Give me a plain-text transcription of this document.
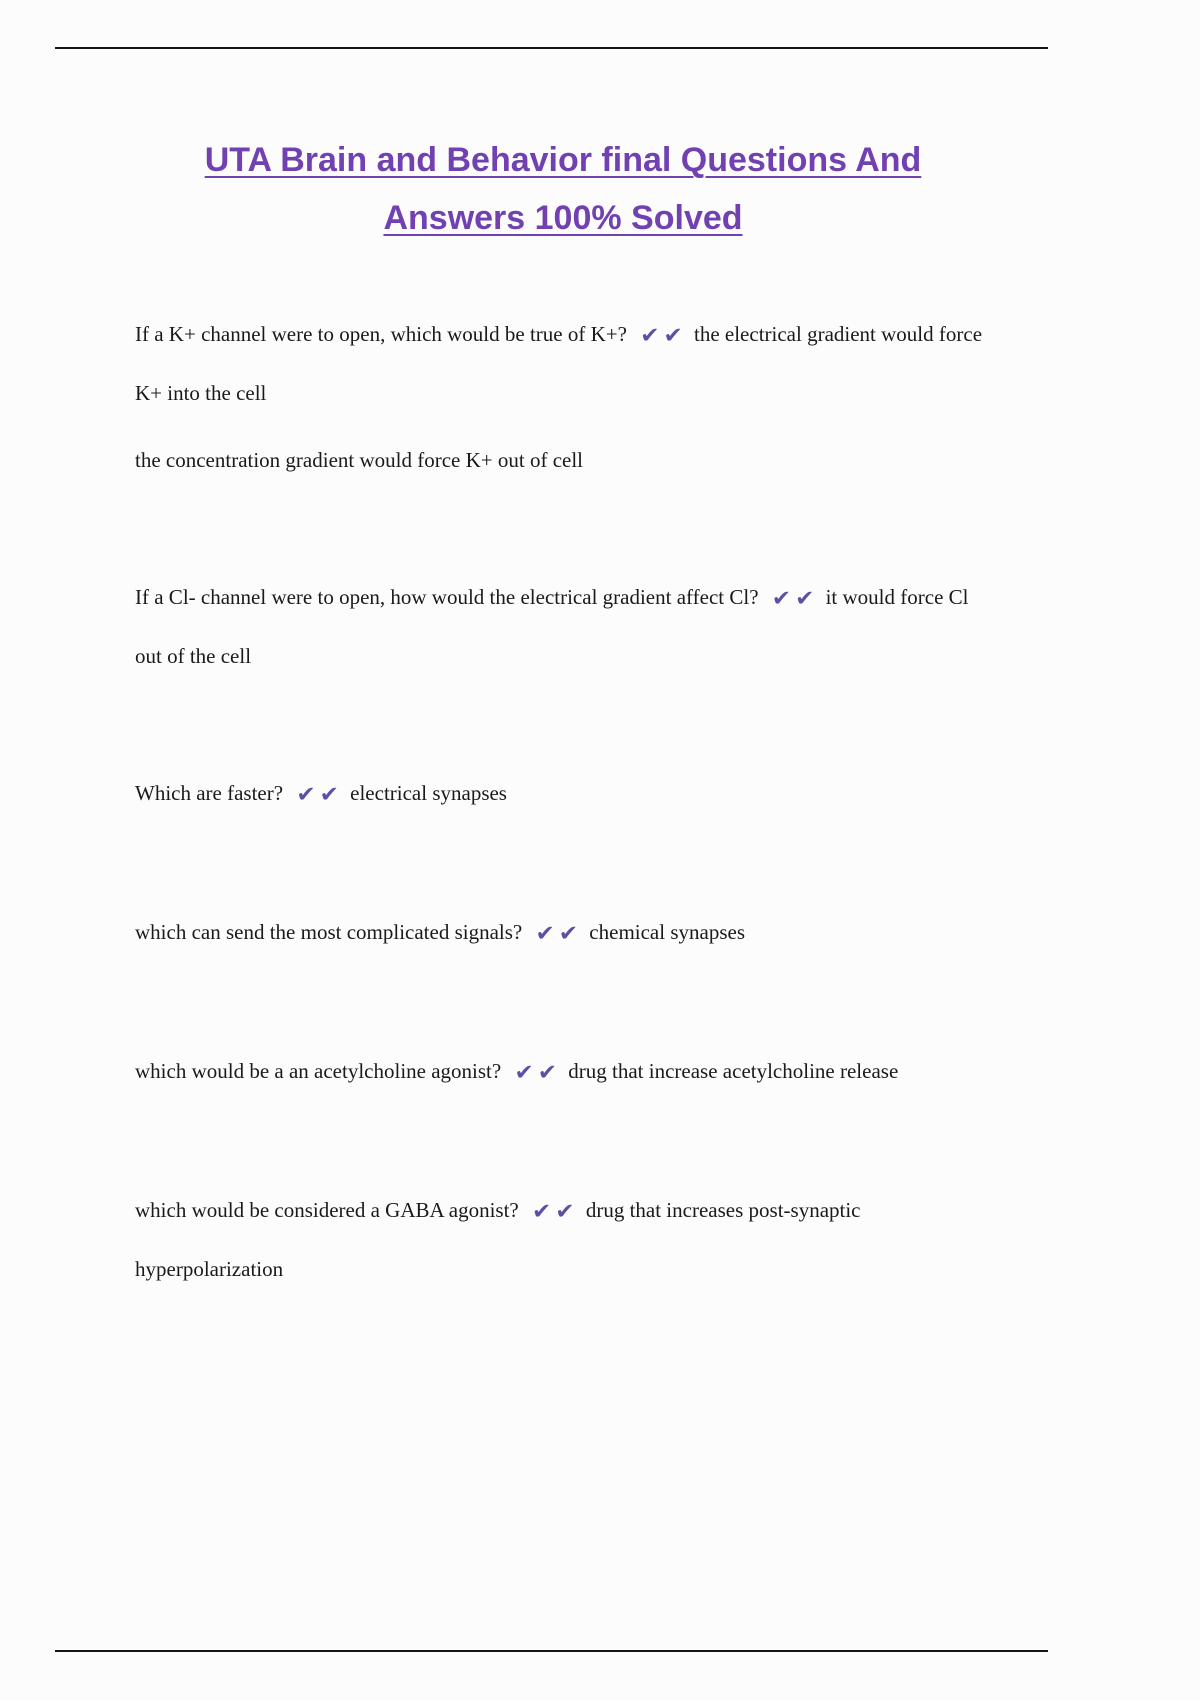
UTA Brain and Behavior final Questions And
Answers 100% Solved

If a K+ channel were to open, which would be true of K+? ✔ ✔ the electrical gradient would force K+ into the cell

the concentration gradient would force K+ out of cell

If a Cl- channel were to open, how would the electrical gradient affect Cl? ✔ ✔ it would force Cl out of the cell

Which are faster? ✔ ✔ electrical synapses

which can send the most complicated signals? ✔ ✔ chemical synapses

which would be a an acetylcholine agonist? ✔ ✔ drug that increase acetylcholine release

which would be considered a GABA agonist? ✔ ✔ drug that increases post-synaptic hyperpolarization
